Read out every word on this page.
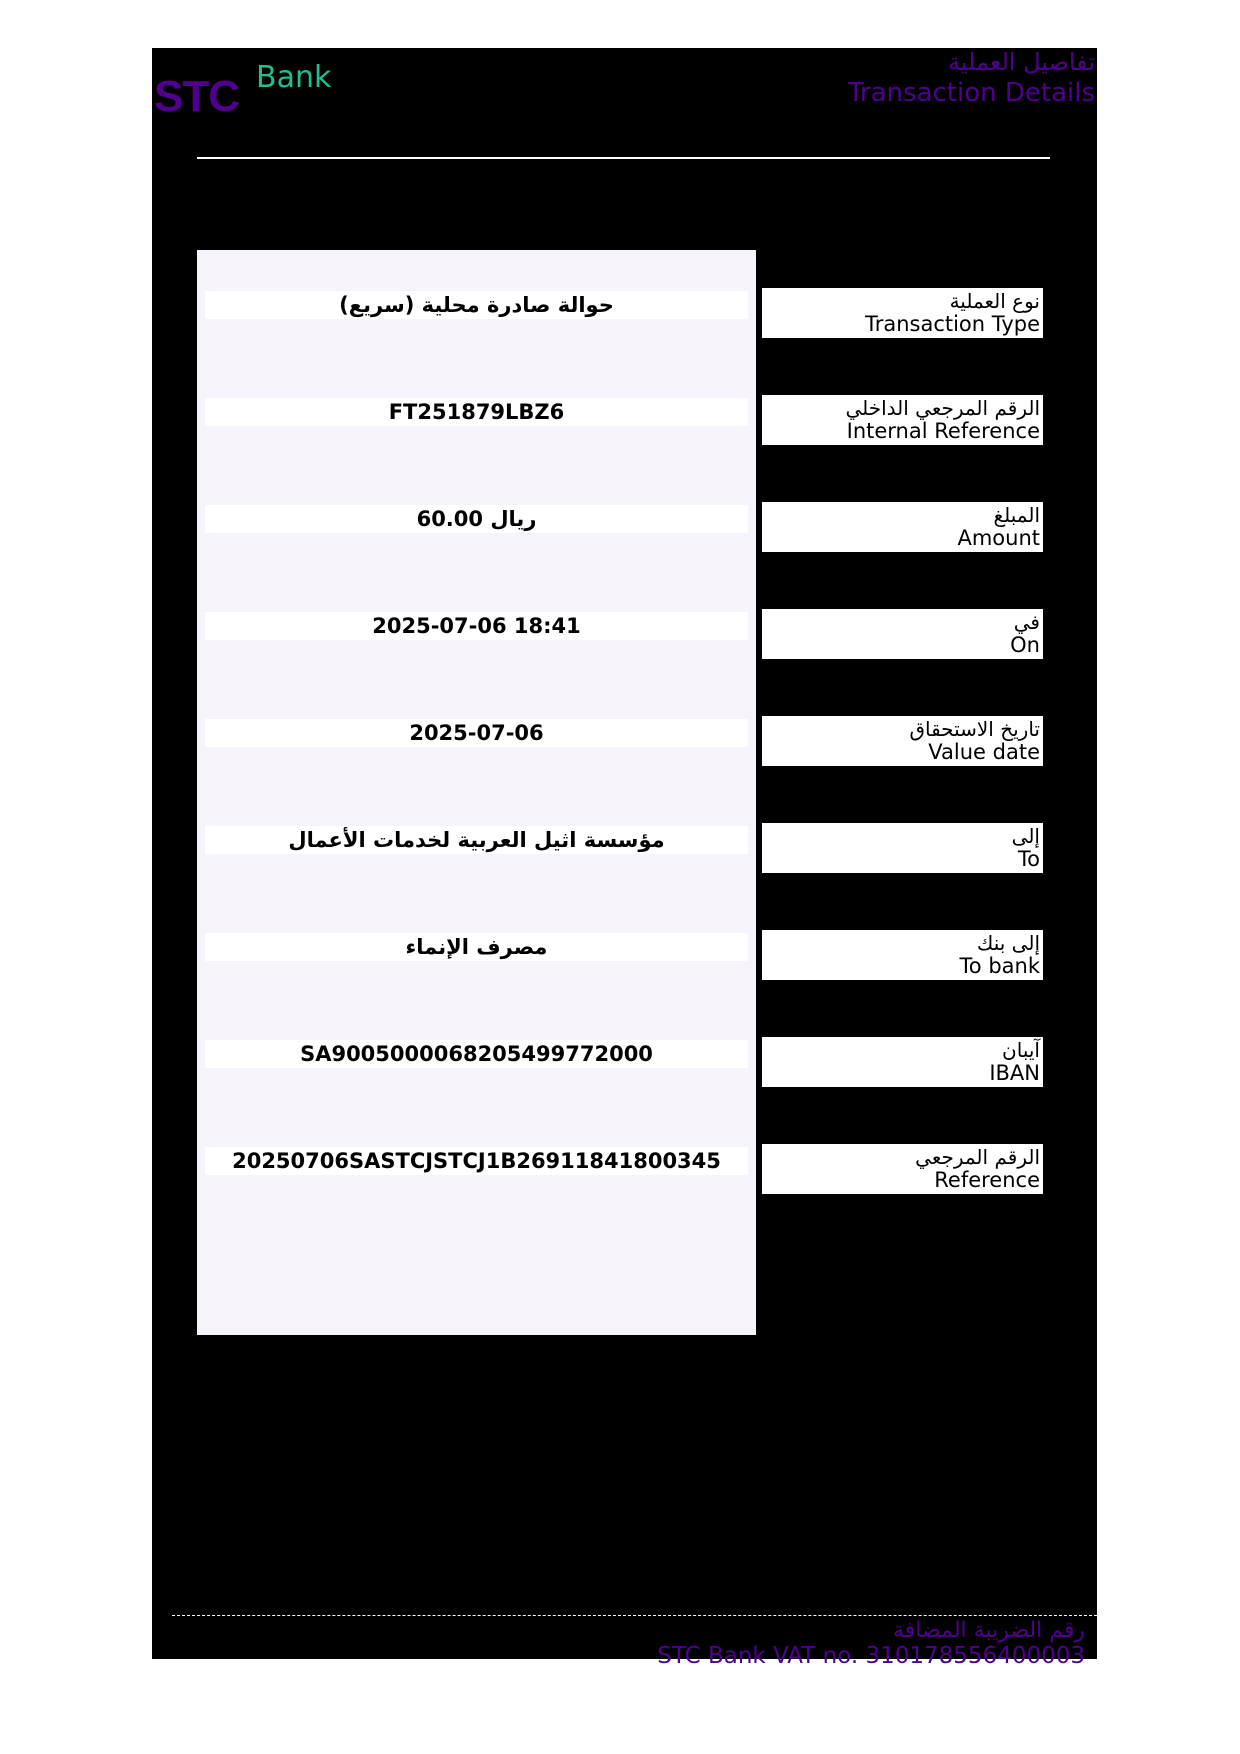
STC Bank	تفاصيل العملية
Transaction Details
حوالة صادرة محلية (سريع)
FT251879LBZ6
ريال 60.00
2025-07-06 18:41
2025-07-06
مؤسسة اثيل العربية لخدمات الأعمال
مصرف الإنماء
SA9005000068205499772000
20250706SASTCJSTCJ1B26911841800345
نوع العملية
Transaction Type
الرقم المرجعي الداخلي
Internal Reference
المبلغ
Amount
في
On
تاريخ الاستحقاق
Value date
إلى
To
إلى بنك
To bank
آيبان
IBAN
الرقم المرجعي
Reference
رقم الضريبة المضافة
STC Bank VAT no. 310178556400003
